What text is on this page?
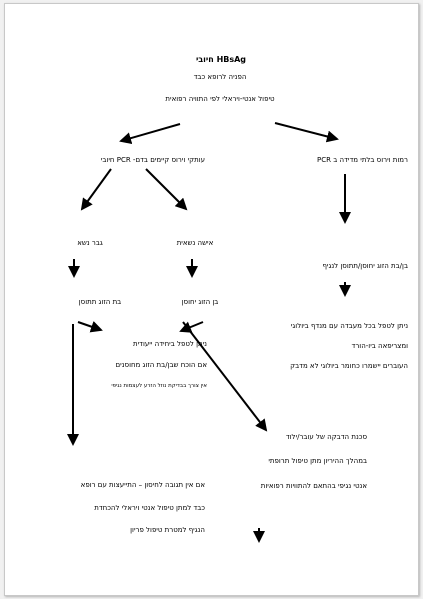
HBsAg חיובי
הפניה לרופא כבד
טיפול אנטי-ויראלי לפי התוויה רפואית
עותקי וירוס קיימים בדם- PCR חיובי	רמות וירוס בלתי מדידה ב PCR
גבר נשא	אישה נשאית
בן/בת הזוג יחוסן/תתוסן לנגיף
בת הזוג תתוסן	בן הזוג יחוסן
ניתן לטפל בכל מעבדה עם מנדף ביולוגי
ומצריפאה ביו-הורד
העוברים יישמרו כחומר ביולוגי לא מדבק
ניתן לטפל ביחידה ייעודית
אם הוכח שבן/בת הזוג מחוסנים
אין צורך בבדיקת נוזל הזרע לעצמות נגיפי
סכנת הדבקה של עובר/ילוד
במהלך ההיריון מתן טיפול תרופתי
אנטי נגיפי בהתאם להתוויות רפואיות
אם אין תגובה לחיסון – התייעצות עם רופא
כבד למתן טיפול אנטי ויראלי להכחדת
הנגיף למטרת טיפול פריון
